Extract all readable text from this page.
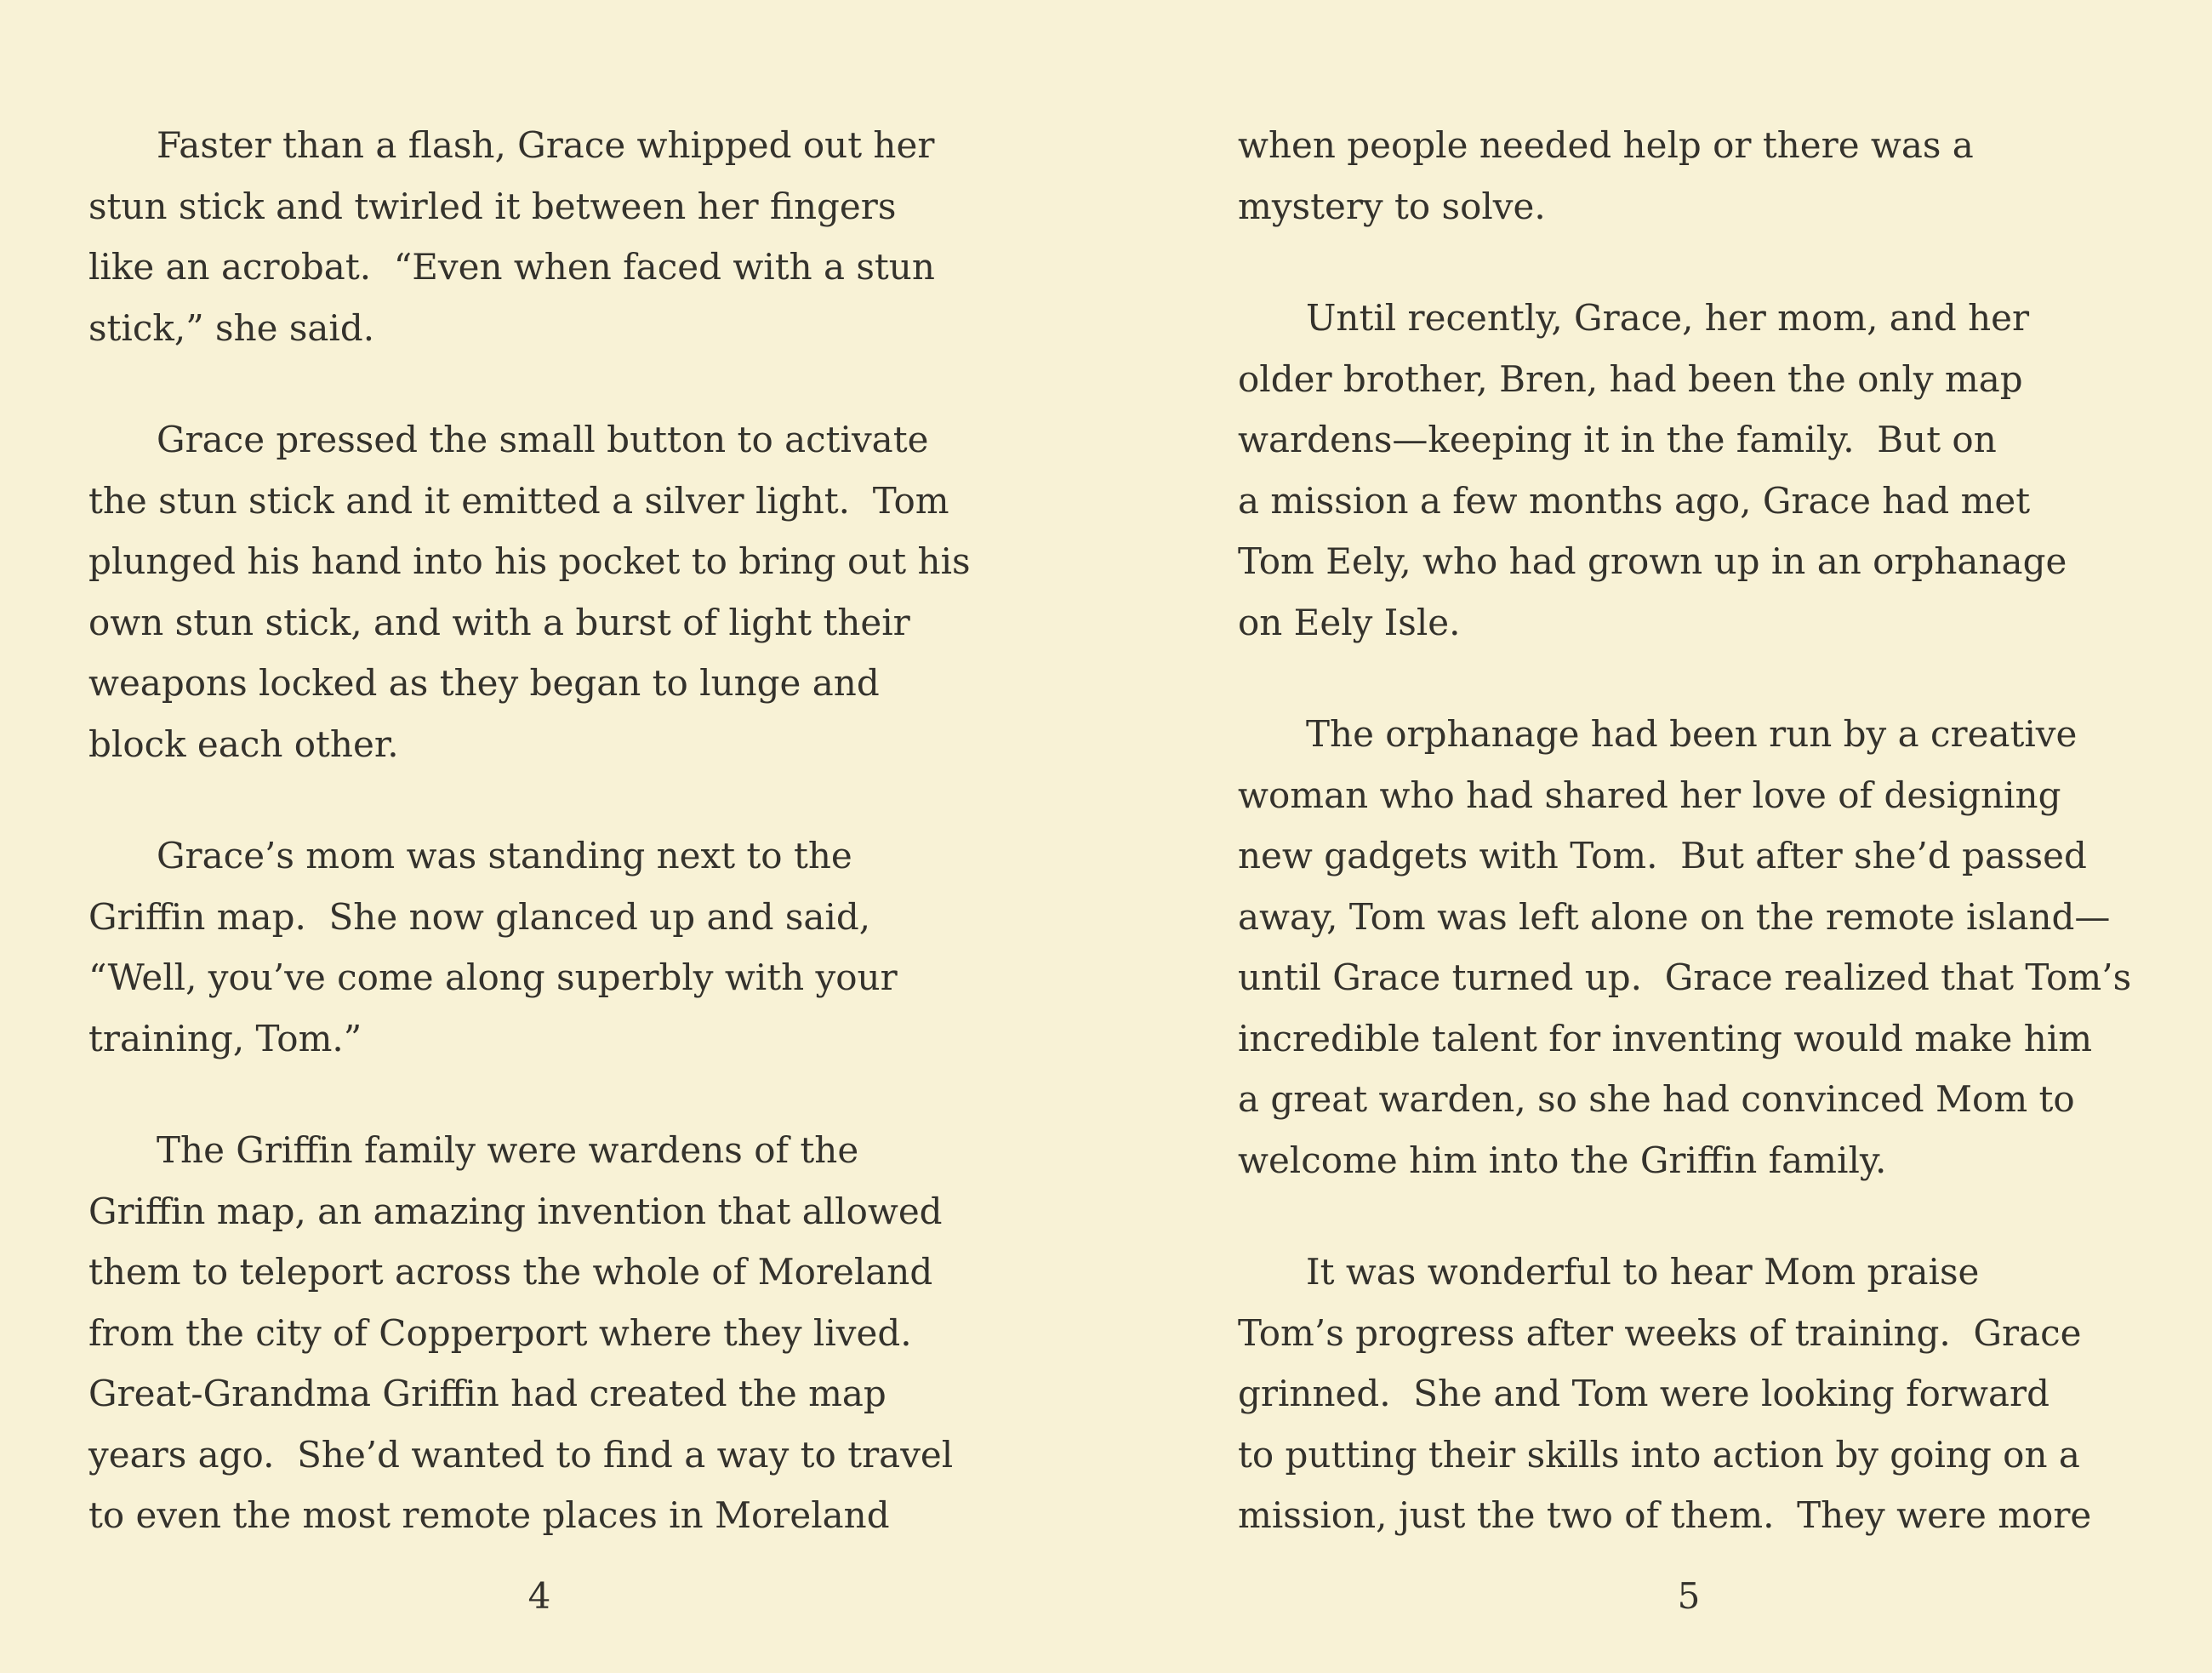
Faster than a flash, Grace whipped out her
stun stick and twirled it between her fingers
like an acrobat.  “Even when faced with a stun
stick,” she said.
Grace pressed the small button to activate
the stun stick and it emitted a silver light.  Tom
plunged his hand into his pocket to bring out his
own stun stick, and with a burst of light their
weapons locked as they began to lunge and
block each other.
Grace’s mom was standing next to the
Griffin map.  She now glanced up and said,
“Well, you’ve come along superbly with your
training, Tom.”
The Griffin family were wardens of the
Griffin map, an amazing invention that allowed
them to teleport across the whole of Moreland
from the city of Copperport where they lived.
Great-Grandma Griffin had created the map
years ago.  She’d wanted to find a way to travel
to even the most remote places in Moreland
when people needed help or there was a
mystery to solve.
Until recently, Grace, her mom, and her
older brother, Bren, had been the only map
wardens—keeping it in the family.  But on
a mission a few months ago, Grace had met
Tom Eely, who had grown up in an orphanage
on Eely Isle.
The orphanage had been run by a creative
woman who had shared her love of designing
new gadgets with Tom.  But after she’d passed
away, Tom was left alone on the remote island—
until Grace turned up.  Grace realized that Tom’s
incredible talent for inventing would make him
a great warden, so she had convinced Mom to
welcome him into the Griffin family.
It was wonderful to hear Mom praise
Tom’s progress after weeks of training.  Grace
grinned.  She and Tom were looking forward
to putting their skills into action by going on a
mission, just the two of them.  They were more
4	5
